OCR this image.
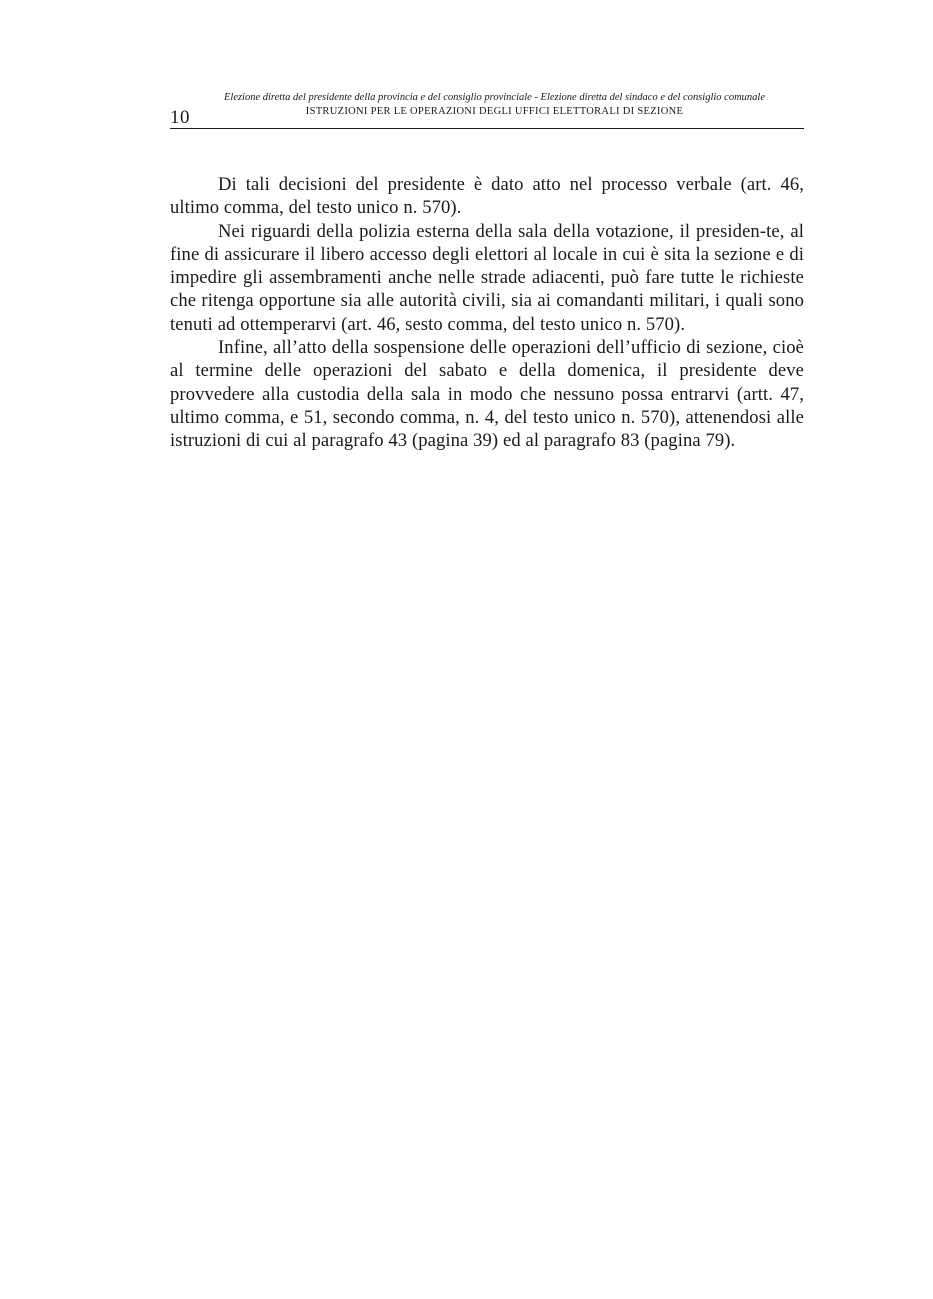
10
Elezione diretta del presidente della provincia e del consiglio provinciale - Elezione diretta del sindaco e del consiglio comunale
ISTRUZIONI PER LE OPERAZIONI DEGLI UFFICI ELETTORALI DI SEZIONE

Di tali decisioni del presidente è dato atto nel processo verbale (art. 46, ultimo comma, del testo unico n. 570).

Nei riguardi della polizia esterna della sala della votazione, il presiden-te, al fine di assicurare il libero accesso degli elettori al locale in cui è sita la sezione e di impedire gli assembramenti anche nelle strade adiacenti, può fare tutte le richieste che ritenga opportune sia alle autorità civili, sia ai comandanti militari, i quali sono tenuti ad ottemperarvi (art. 46, sesto comma, del testo unico n. 570).

Infine, all’atto della sospensione delle operazioni dell’ufficio di sezione, cioè al termine delle operazioni del sabato e della domenica, il presidente deve provvedere alla custodia della sala in modo che nessuno possa entrarvi (artt. 47, ultimo comma, e 51, secondo comma, n. 4, del testo unico n. 570), attenendosi alle istruzioni di cui al paragrafo 43 (pagina 39) ed al paragrafo 83 (pagina 79).
